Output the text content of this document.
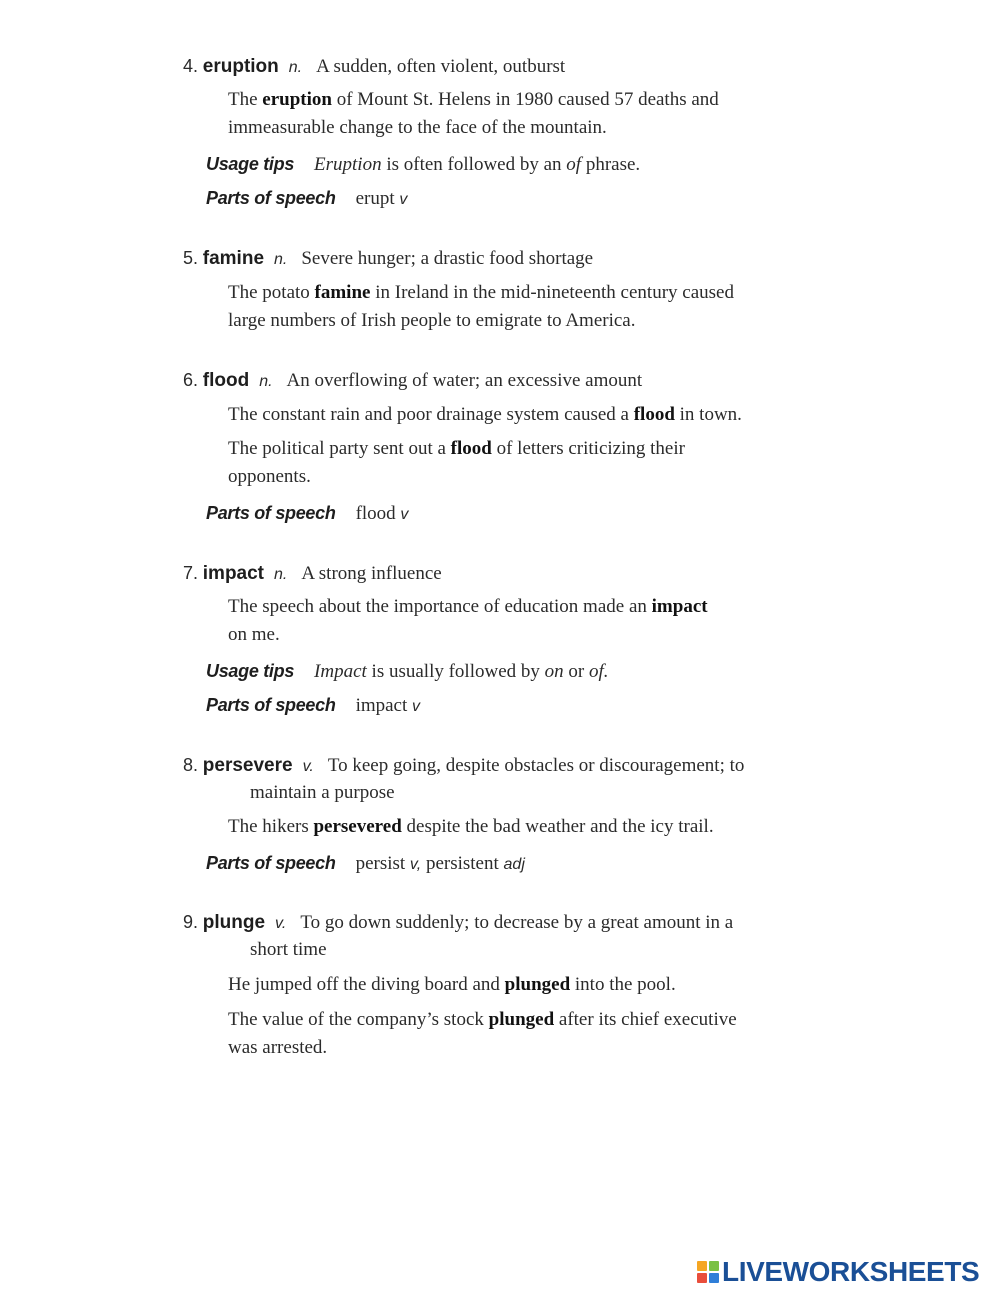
4. eruption n. A sudden, often violent, outburst
The eruption of Mount St. Helens in 1980 caused 57 deaths and
immeasurable change to the face of the mountain.
Usage tips Eruption is often followed by an of phrase.
Parts of speech erupt v
5. famine n. Severe hunger; a drastic food shortage
The potato famine in Ireland in the mid-nineteenth century caused
large numbers of Irish people to emigrate to America.
6. flood n. An overflowing of water; an excessive amount
The constant rain and poor drainage system caused a flood in town.
The political party sent out a flood of letters criticizing their
opponents.
Parts of speech flood v
7. impact n. A strong influence
The speech about the importance of education made an impact
on me.
Usage tips Impact is usually followed by on or of.
Parts of speech impact v
8. persevere v. To keep going, despite obstacles or discouragement; to
maintain a purpose
The hikers persevered despite the bad weather and the icy trail.
Parts of speech persist v, persistent adj
9. plunge v. To go down suddenly; to decrease by a great amount in a
short time
He jumped off the diving board and plunged into the pool.
The value of the company’s stock plunged after its chief executive
was arrested.
LIVEWORKSHEETS
